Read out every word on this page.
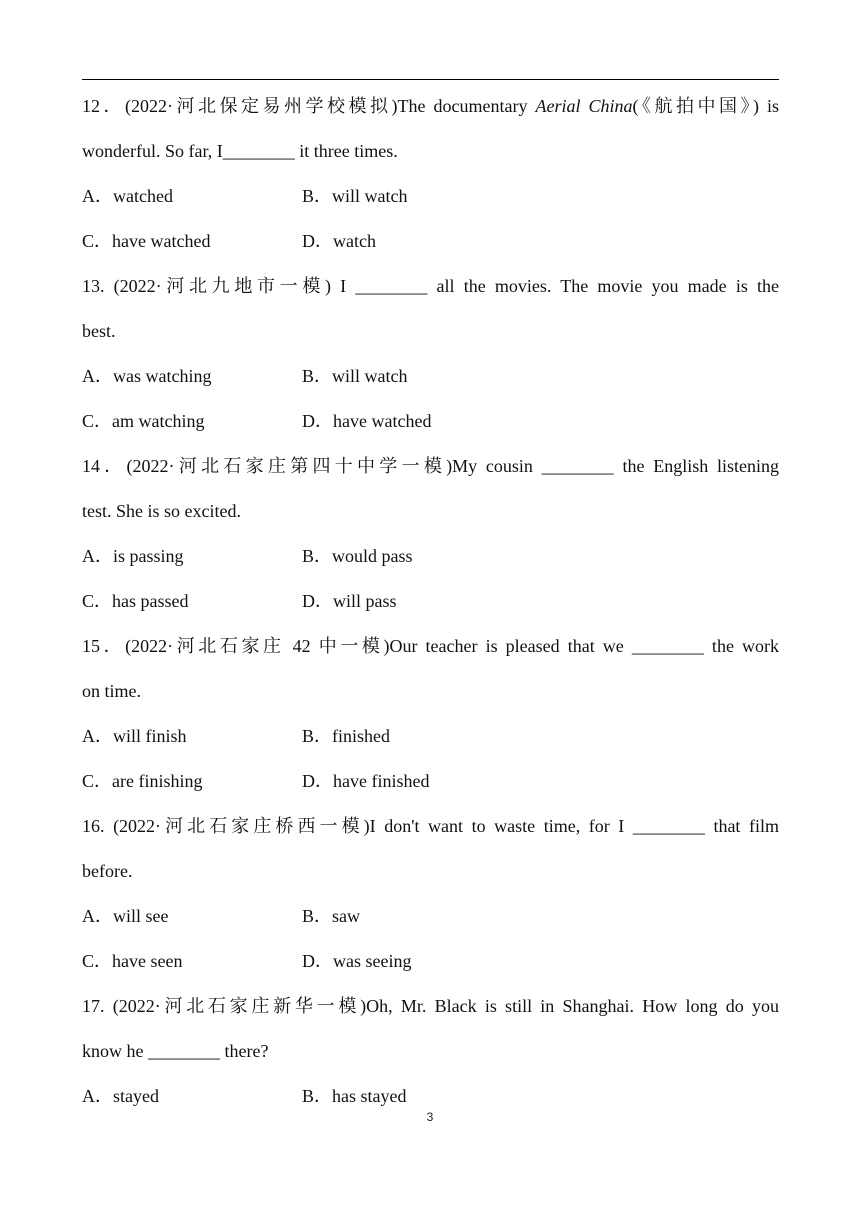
12．(2022·河北保定易州学校模拟)The documentary Aerial China(《航拍中国》) is
wonderful. So far, I________ it three times.
A．watched	B．will watch
C．have watched	D．watch
13. (2022·河北九地市一模) I ________ all the movies. The movie you made is the
best.
A．was watching	B．will watch
C．am watching	D．have watched
14．(2022·河北石家庄第四十中学一模)My cousin ________ the English listening
test. She is so excited.
A．is passing	B．would pass
C．has passed	D．will pass
15．(2022·河北石家庄 42 中一模)Our teacher is pleased that we ________ the work
on time.
A．will finish	B．finished
C．are finishing	D．have finished
16. (2022·河北石家庄桥西一模)I don't want to waste time, for I ________ that film
before.
A．will see	B．saw
C．have seen	D．was seeing
17. (2022·河北石家庄新华一模)Oh, Mr. Black is still in Shanghai. How long do you
know he ________ there?
A．stayed	B．has stayed
3
